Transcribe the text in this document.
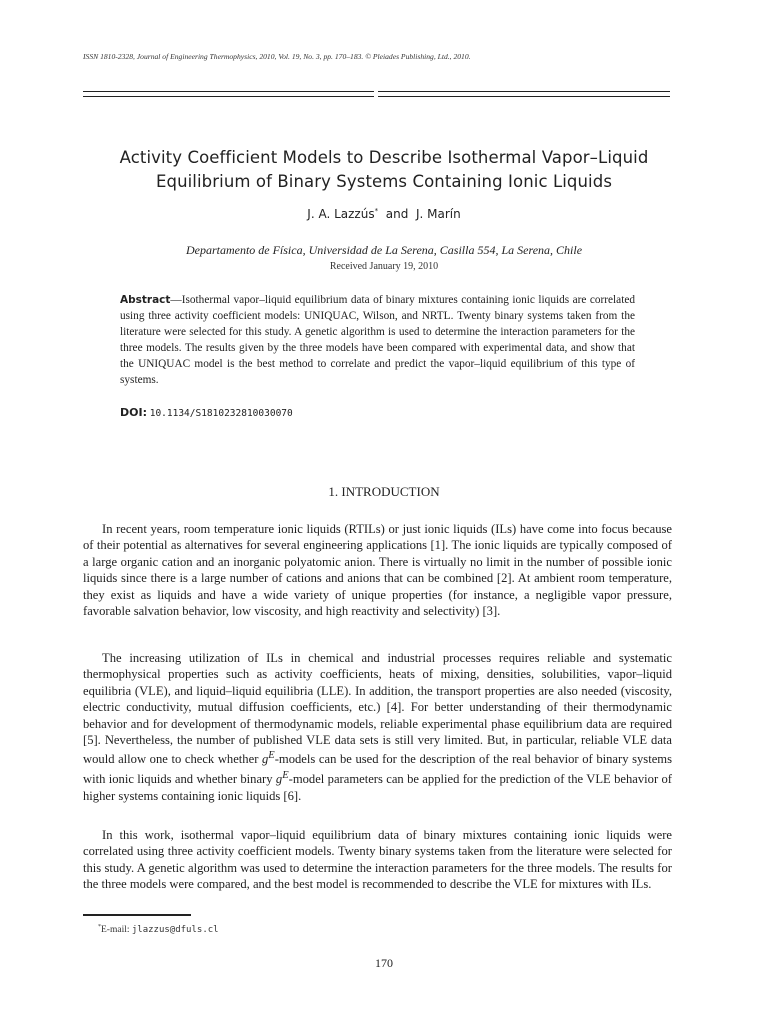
ISSN 1810-2328, Journal of Engineering Thermophysics, 2010, Vol. 19, No. 3, pp. 170–183. © Pleiades Publishing, Ltd., 2010.
Activity Coefficient Models to Describe Isothermal Vapor–Liquid
Equilibrium of Binary Systems Containing Ionic Liquids
J. A. Lazzús* and J. Marín
Departamento de Física, Universidad de La Serena, Casilla 554, La Serena, Chile
Received January 19, 2010
Abstract—Isothermal vapor–liquid equilibrium data of binary mixtures containing ionic liquids are correlated using three activity coefficient models: UNIQUAC, Wilson, and NRTL. Twenty binary systems taken from the literature were selected for this study. A genetic algorithm is used to determine the interaction parameters for the three models. The results given by the three models have been compared with experimental data, and show that the UNIQUAC model is the best method to correlate and predict the vapor–liquid equilibrium of this type of systems.
DOI: 10.1134/S1810232810030070
1. INTRODUCTION

In recent years, room temperature ionic liquids (RTILs) or just ionic liquids (ILs) have come into focus because of their potential as alternatives for several engineering applications [1]. The ionic liquids are typically composed of a large organic cation and an inorganic polyatomic anion. There is virtually no limit in the number of possible ionic liquids since there is a large number of cations and anions that can be combined [2]. At ambient room temperature, they exist as liquids and have a wide variety of unique properties (for instance, a negligible vapor pressure, favorable salvation behavior, low viscosity, and high reactivity and selectivity) [3].

The increasing utilization of ILs in chemical and industrial processes requires reliable and systematic thermophysical properties such as activity coefficients, heats of mixing, densities, solubilities, vapor–liquid equilibria (VLE), and liquid–liquid equilibria (LLE). In addition, the transport properties are also needed (viscosity, electric conductivity, mutual diffusion coefficients, etc.) [4]. For better understanding of their thermodynamic behavior and for development of thermodynamic models, reliable experimental phase equilibrium data are required [5]. Nevertheless, the number of published VLE data sets is still very limited. But, in particular, reliable VLE data would allow one to check whether $g^E$-models can be used for the description of the real behavior of binary systems with ionic liquids and whether binary $g^E$-model parameters can be applied for the prediction of the VLE behavior of higher systems containing ionic liquids [6].

In this work, isothermal vapor–liquid equilibrium data of binary mixtures containing ionic liquids were correlated using three activity coefficient models. Twenty binary systems taken from the literature were selected for this study. A genetic algorithm was used to determine the interaction parameters for the three models. The results for the three models were compared, and the best model is recommended to describe the VLE for mixtures with ILs.

*E-mail: jlazzus@dfuls.cl
170
